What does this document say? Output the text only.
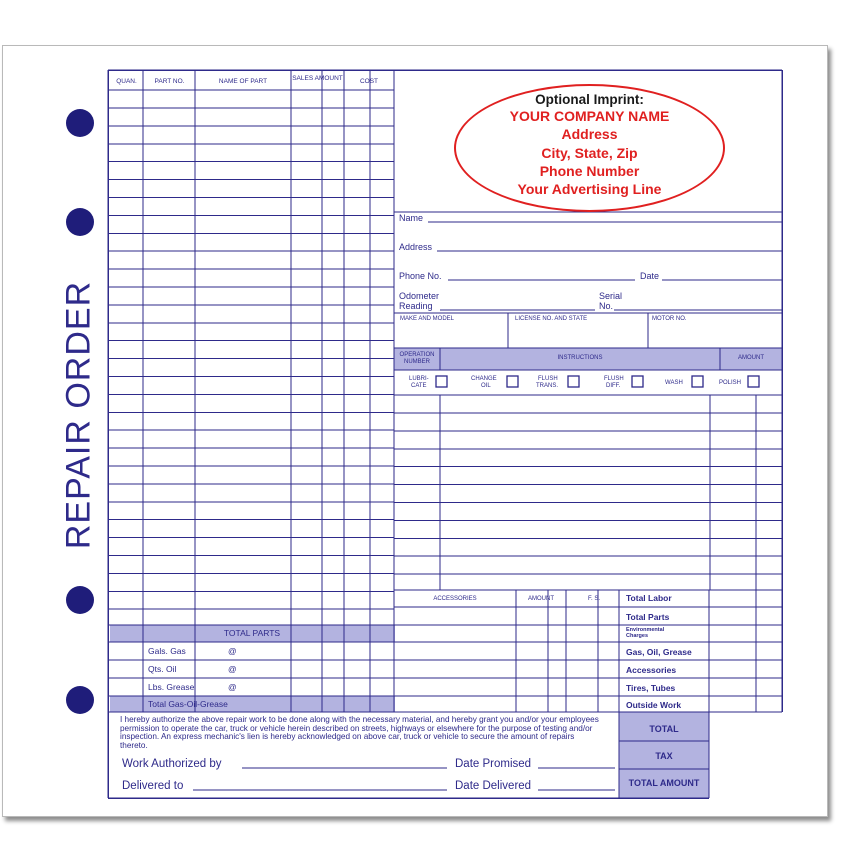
REPAIR ORDER
QUAN.	PART NO.	NAME OF PART	SALES AMOUNT	COST
TOTAL PARTS
Gals. Gas	@
Qts. Oil	@
Lbs. Grease	@
Total Gas-Oil-Grease
Optional Imprint:
YOUR COMPANY NAME
Address
City, State, Zip
Phone Number
Your Advertising Line
Name
Address
Phone No.	Date
Odometer
Reading
Serial
No.
MAKE AND MODEL	LICENSE NO. AND STATE	MOTOR NO.
OPERATION
NUMBER
INSTRUCTIONS	AMOUNT
LUBRI-
CATE
CHANGE
OIL
FLUSH
TRANS.
FLUSH
DIFF.	WASH	POLISH
ACCESSORIES	AMOUNT	F. S.	Total Labor
Total Parts
Environmental
Charges
Gas, Oil, Grease
Accessories
Tires, Tubes
Outside Work
TOTAL
TAX
TOTAL AMOUNT
I hereby authorize the above repair work to be done along with the necessary material, and hereby grant you and/or your employees permission to operate the car, truck or vehicle herein described on streets, highways or elsewhere for the purpose of testing and/or inspection. An express mechanic's lien is hereby acknowledged on above car, truck or vehicle to secure the amount of repairs thereto.
Work Authorized by	Date Promised
Delivered to	Date Delivered
